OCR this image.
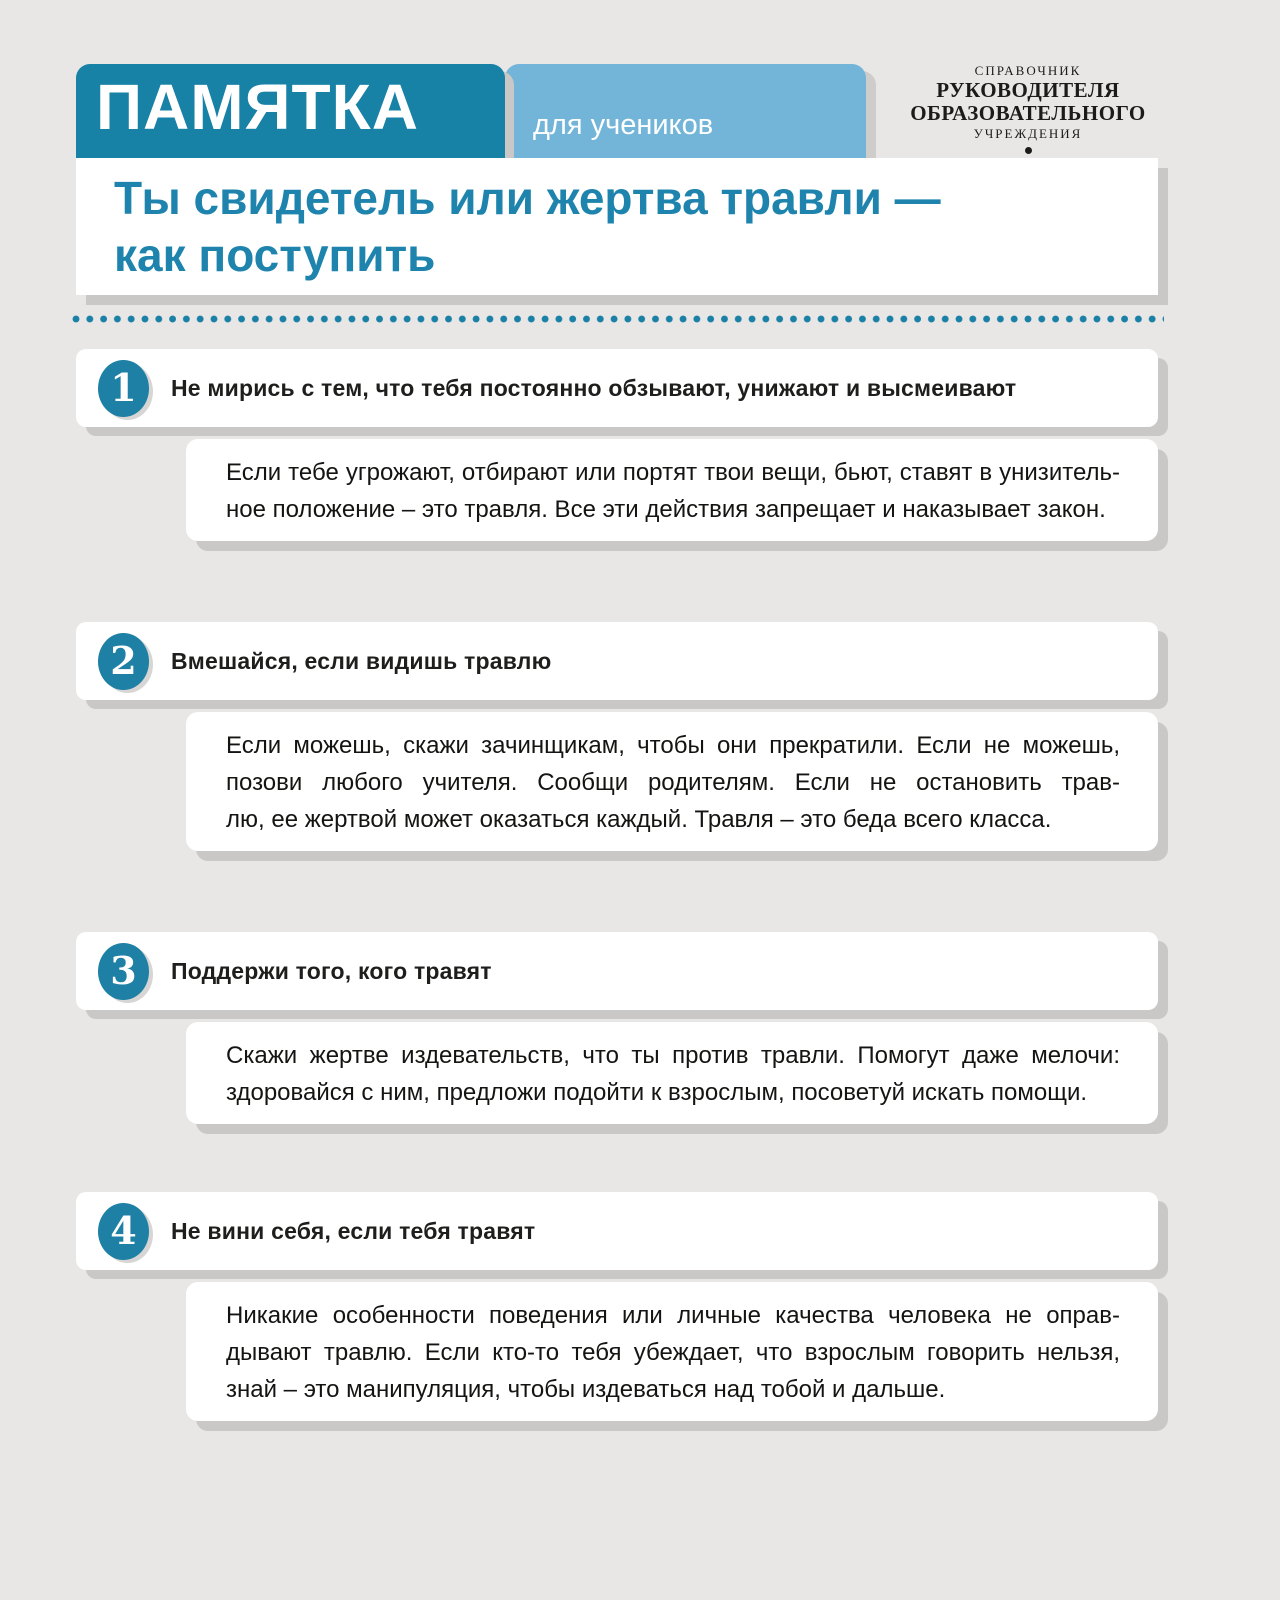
ПАМЯТКА	для учеников
СПРАВОЧНИК
РУКОВОДИТЕЛЯ
ОБРАЗОВАТЕЛЬНОГО
УЧРЕЖДЕНИЯ
Ты свидетель или жертва травли —
как поступить
1 Не мирись с тем, что тебя постоянно обзывают, унижают и высмеивают
Если тебе угрожают, отбирают или портят твои вещи, бьют, ставят в унизитель-
ное положение – это травля. Все эти действия запрещает и наказывает закон.
2 Вмешайся, если видишь травлю
Если можешь, скажи зачинщикам, чтобы они прекратили. Если не можешь,
позови любого учителя. Сообщи родителям. Если не остановить трав-
лю, ее жертвой может оказаться каждый. Травля – это беда всего класса.
3 Поддержи того, кого травят
Скажи жертве издевательств, что ты против травли. Помогут даже мелочи:
здоровайся с ним, предложи подойти к взрослым, посоветуй искать помощи.
4 Не вини себя, если тебя травят
Никакие особенности поведения или личные качества человека не оправ-
дывают травлю. Если кто-то тебя убеждает, что взрослым говорить нельзя,
знай – это манипуляция, чтобы издеваться над тобой и дальше.
